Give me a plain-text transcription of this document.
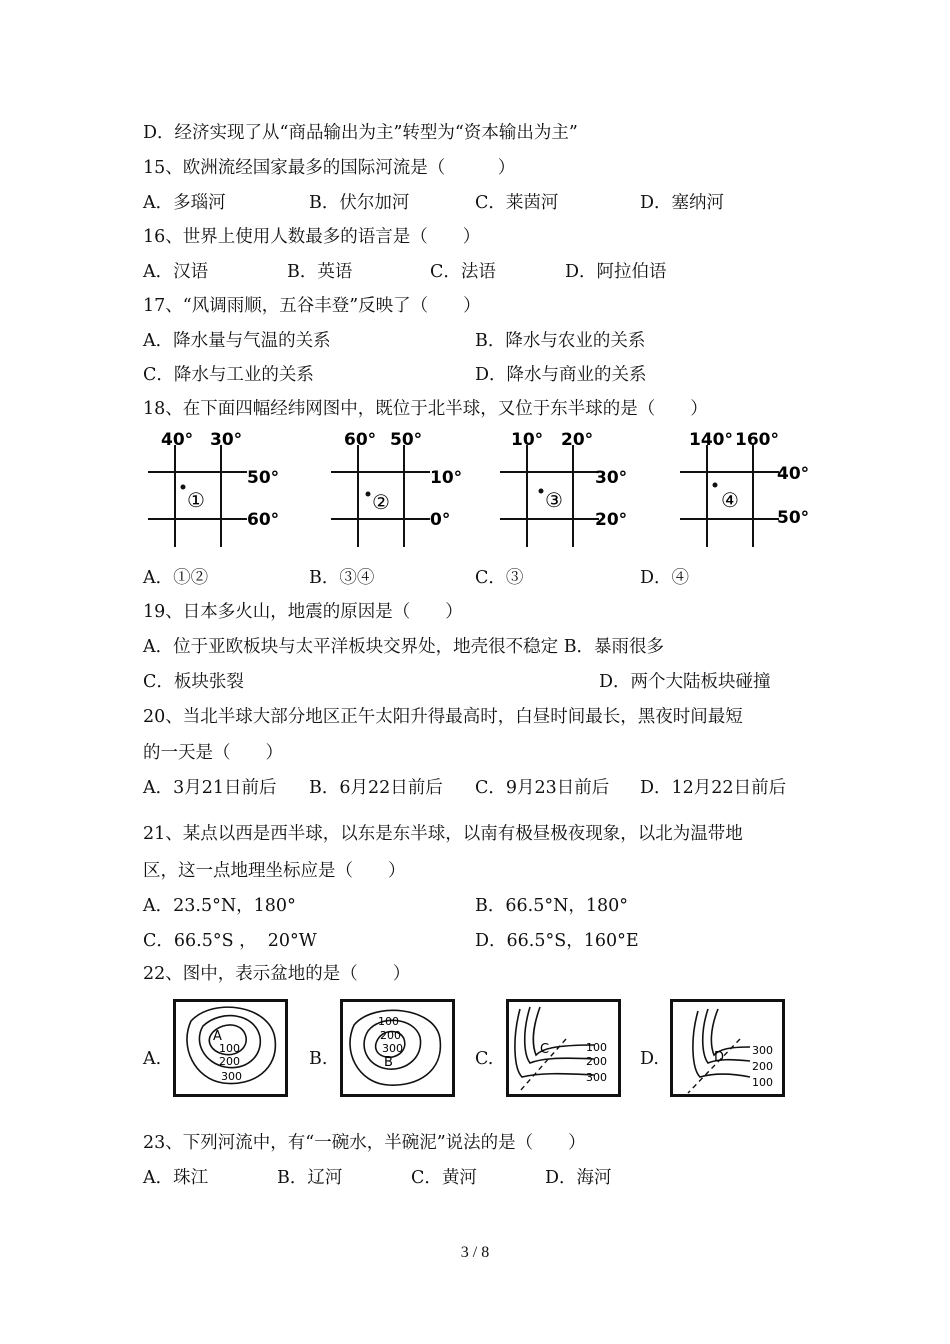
D．经济实现了从“商品输出为主”转型为“资本输出为主”
15、欧洲流经国家最多的国际河流是（　　　）
A．多瑙河	B．伏尔加河	C．莱茵河	D．塞纳河
16、世界上使用人数最多的语言是（　　）
A．汉语	B．英语	C．法语	D．阿拉伯语
17、“风调雨顺，五谷丰登”反映了（　　）
A．降水量与气温的关系	B．降水与农业的关系
C．降水与工业的关系	D．降水与商业的关系
18、在下面四幅经纬网图中，既位于北半球，又位于东半球的是（　　）
40° 30°
50°
60°
①
60° 50°
10°
0°
②
10° 20°
30°
20°
③
140° 160°
40°
50°
④
A．①②	B．③④	C．③	D．④
19、日本多火山，地震的原因是（　　）
A．位于亚欧板块与太平洋板块交界处，地壳很不稳定 B．暴雨很多
C．板块张裂	D．两个大陆板块碰撞
20、当北半球大部分地区正午太阳升得最高时，白昼时间最长，黑夜时间最短
的一天是（　　）
A．3月21日前后 B．6月22日前后 C．9月23日前后 D．12月22日前后
21、某点以西是西半球，以东是东半球，以南有极昼极夜现象，以北为温带地
区，这一点地理坐标应是（　　）
A．23.5°N，180°	B．66.5°N，180°
C．66.5°S ，  20°W	D．66.5°S，160°E
22、图中，表示盆地的是（　　）
A.	B.	C.	D.
A
100
200
300
100
200
300
B
C	100
200
300
D	300
200
100
23、下列河流中，有“一碗水，半碗泥”说法的是（　　）
A．珠江	B．辽河	C．黄河	D．海河
3 / 8
